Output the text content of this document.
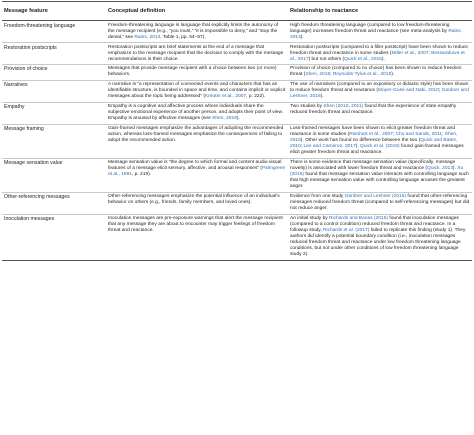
Message feature	Conceptual definition	Relationship to reactance
Freedom-threatening language	Freedom-threatening language is language that explicitly limits the autonomy of the message recipient (e.g., “you must,” “it is impossible to deny,” and “stop the denial,” see Rains, 2013, Table 1, pp. 54–57).	High freedom threatening language (compared to low freedom-threatening language) increases freedom threat and reactance (see meta-analysis by Rains, 2013).
Restoration postscripts	Restoration postscripts are brief statements at the end of a message that emphasize to the message recipient that the decision to comply with the message recommendations is their choice.	Restoration postscripts (compared to a filler postscript) have been shown to reduce freedom threat and reactance in some studies (Miller et al., 2007; Bessarabova et al., 2017) but not others (Quick et al., 2015).
Provision of choice	Messages that provide message recipient with a choice between two (or more) behaviors.	Provision of choice (compared to no choice) has been shown to reduce freedom threat (Shen, 2015; Reynolds-Tylus et al., 2019).
Narratives	A narrative is “a representation of connected events and characters that has an identifiable structure, is bounded in space and time, and contains implicit or explicit messages about the topic being addressed” (Kreuter et al., 2007, p. 222).	The use of narratives (compared to an expository or didactic style) has been shown to reduce freedom threat and reactance (Moyer-Gusé and Nabi, 2010; Gardner and Leshner, 2016).
Empathy	Empathy is a cognitive and affective process where individuals share the subjective emotional experience of another person, and adopts their point of view. Empathy is aroused by affective messages (see Shen, 2019).	Two studies by Shen (2010, 2011) found that the experience of state empathy reduced freedom threat and reactance.
Message framing	Gain-framed messages emphasize the advantages of adopting the recommended action, whereas loss-framed messages emphasize the consequences of failing to adopt the recommended action.	Loss-framed messages have been shown to elicit greater freedom threat and reactance in some studies (Reinhart et al., 2007; Cho and Sands, 2011; Shen, 2015). Other work has found no difference between the two (Quick and Bates, 2010; Lee and Cameron, 2017). Quick et al. (2015) found gain-framed messages elicit greater freedom threat and reactance.
Message sensation value	Message sensation value is “the degree to which formal and content audio-visual features of a message elicit sensory, affective, and arousal responses” (Palmgreen et al., 1991, p. 219).	There is some evidence that message sensation value (specifically, message novelty) is associated with lower freedom threat and reactance (Quick, 2013). Xu (2015) found that message sensation value interacts with controlling language such that high message sensation value with controlling language arouses the greatest anger.
Other-referencing messages	Other-referencing messages emphasize the potential influence of an individual’s behavior on others (e.g., friends, family members, and loved ones).	Evidence from one study Gardner and Leshner (2016) found that other-referencing messages reduced freedom threat (compared to self-referencing messages) but did not reduce anger.
Inoculation messages	Inoculation messages are pre-exposure warnings that alert the message recipient that any message they are about to encounter may trigger feelings of freedom threat and reactance.	An initial study by Richards and Banas (2015) found that inoculation messages (compared to a control condition) reduced freedom threat and reactance. In a followup study, Richards et al. (2017) failed to replicate this finding (study 1). They authors did identify a potential boundary condition (i.e., inoculation messages reduced freedom threat and reactance under low freedom threatening language conditions, but not under other conditions of low freedom threatening language study 2).
